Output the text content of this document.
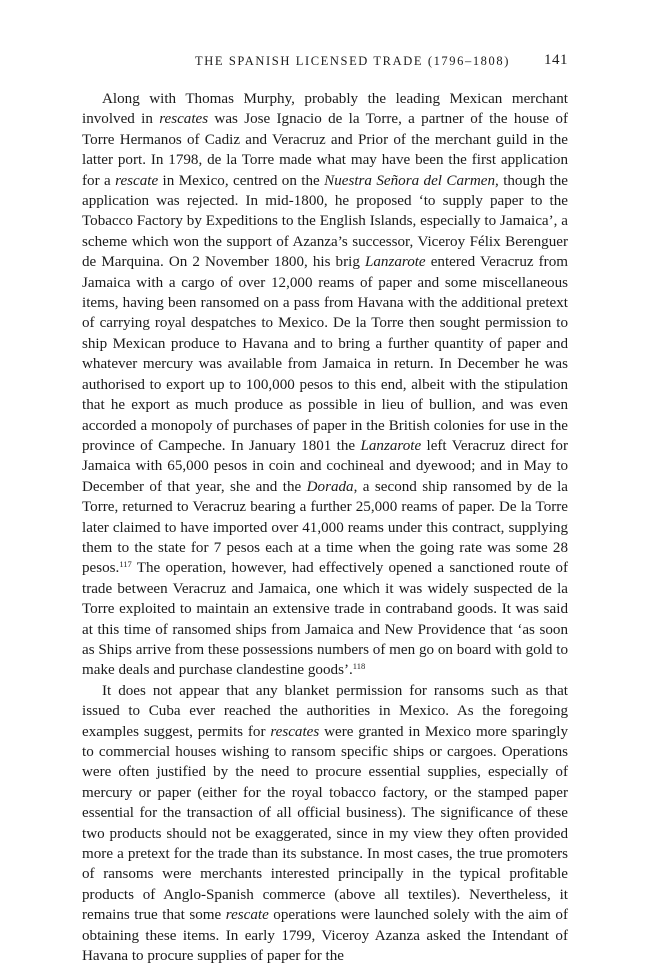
THE SPANISH LICENSED TRADE (1796–1808) 141

Along with Thomas Murphy, probably the leading Mexican merchant involved in rescates was Jose Ignacio de la Torre, a partner of the house of Torre Hermanos of Cadiz and Veracruz and Prior of the merchant guild in the latter port. In 1798, de la Torre made what may have been the first application for a rescate in Mexico, centred on the Nuestra Señora del Carmen, though the application was rejected. In mid-1800, he proposed ‘to supply paper to the Tobacco Factory by Expeditions to the English Islands, especially to Jamaica’, a scheme which won the support of Azanza’s successor, Viceroy Félix Berenguer de Marquina. On 2 November 1800, his brig Lanzarote entered Veracruz from Jamaica with a cargo of over 12,000 reams of paper and some miscellaneous items, having been ransomed on a pass from Havana with the additional pretext of carrying royal despatches to Mexico. De la Torre then sought permission to ship Mexican produce to Havana and to bring a further quantity of paper and whatever mercury was available from Jamaica in return. In December he was authorised to export up to 100,000 pesos to this end, albeit with the stipulation that he export as much produce as possible in lieu of bullion, and was even accorded a monopoly of purchases of paper in the British colonies for use in the province of Campeche. In January 1801 the Lanzarote left Veracruz direct for Jamaica with 65,000 pesos in coin and cochineal and dyewood; and in May to December of that year, she and the Dorada, a second ship ransomed by de la Torre, returned to Veracruz bearing a further 25,000 reams of paper. De la Torre later claimed to have imported over 41,000 reams under this contract, supplying them to the state for 7 pesos each at a time when the going rate was some 28 pesos.$^{117}$ The operation, however, had effectively opened a sanctioned route of trade between Veracruz and Jamaica, one which it was widely suspected de la Torre exploited to maintain an extensive trade in contraband goods. It was said at this time of ransomed ships from Jamaica and New Providence that ‘as soon as Ships arrive from these possessions numbers of men go on board with gold to make deals and purchase clandestine goods’.$^{118}$

It does not appear that any blanket permission for ransoms such as that issued to Cuba ever reached the authorities in Mexico. As the foregoing examples suggest, permits for rescates were granted in Mexico more sparingly to commercial houses wishing to ransom specific ships or cargoes. Operations were often justified by the need to procure essential supplies, especially of mercury or paper (either for the royal tobacco factory, or the stamped paper essential for the transaction of all official business). The significance of these two products should not be exaggerated, since in my view they often provided more a pretext for the trade than its substance. In most cases, the true promoters of ransoms were merchants interested principally in the typical profitable products of Anglo-Spanish commerce (above all textiles). Nevertheless, it remains true that some rescate operations were launched solely with the aim of obtaining these items. In early 1799, Viceroy Azanza asked the Intendant of Havana to procure supplies of paper for the
